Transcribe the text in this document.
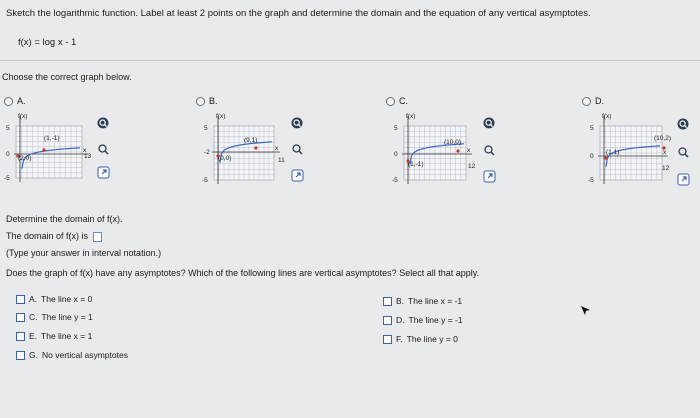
Sketch the logarithmic function. Label at least 2 points on the graph and determine the domain and the equation of any vertical asymptotes.
f(x) = log x - 1
Choose the correct graph below.
A.	B.	C.	D.
f(x)
5
-5
0	13
x
(1,-1)
(2,0)
f(x)
5
-5
-2
11
x
(9,1)
(0,0)
f(x)
5
-5
0
12
x
(10,0)
(1,-1)
f(x)
5
-5
0
12
x
(10,2)
(1,1)
Determine the domain of f(x).
The domain of f(x) is
(Type your answer in interval notation.)
Does the graph of f(x) have any asymptotes? Which of the following lines are vertical asymptotes? Select all that apply.
A. The line x = 0
C. The line y = 1
E. The line x = 1
G. No vertical asymptotes
B. The line x = -1
D. The line y = -1
F. The line y = 0
